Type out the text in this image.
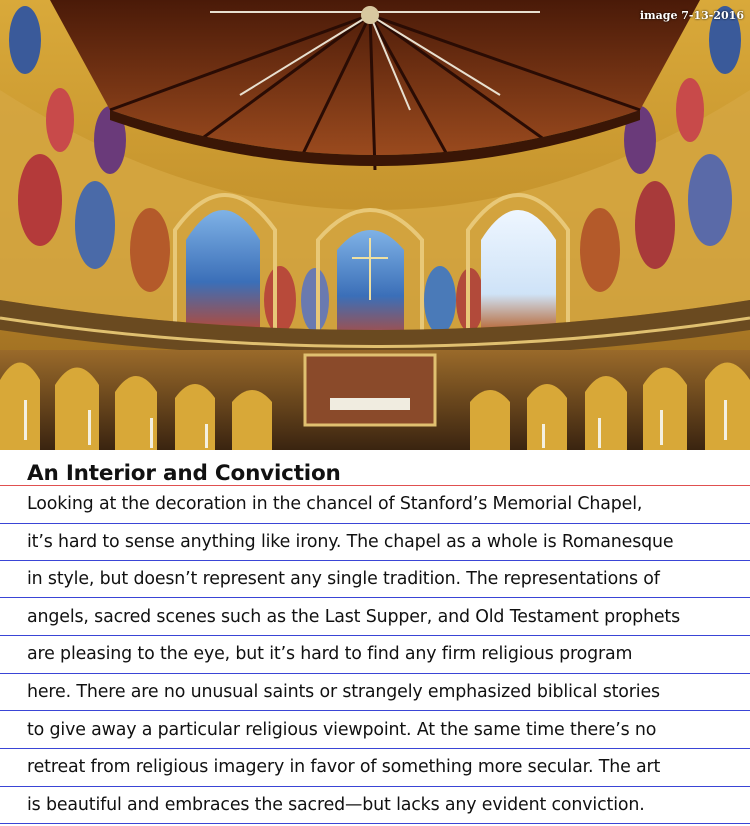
image 7-13-2016
An Interior and Conviction
Looking at the decoration in the chancel of Stanford’s Memorial Chapel,
it’s hard to sense anything like irony. The chapel as a whole is Romanesque
in style, but doesn’t represent any single tradition. The representations of
angels, sacred scenes such as the Last Supper, and Old Testament prophets
are pleasing to the eye, but it’s hard to find any firm religious program
here. There are no unusual saints or strangely emphasized biblical stories
to give away a particular religious viewpoint. At the same time there’s no
retreat from religious imagery in favor of something more secular. The art
is beautiful and embraces the sacred—but lacks any evident conviction.
